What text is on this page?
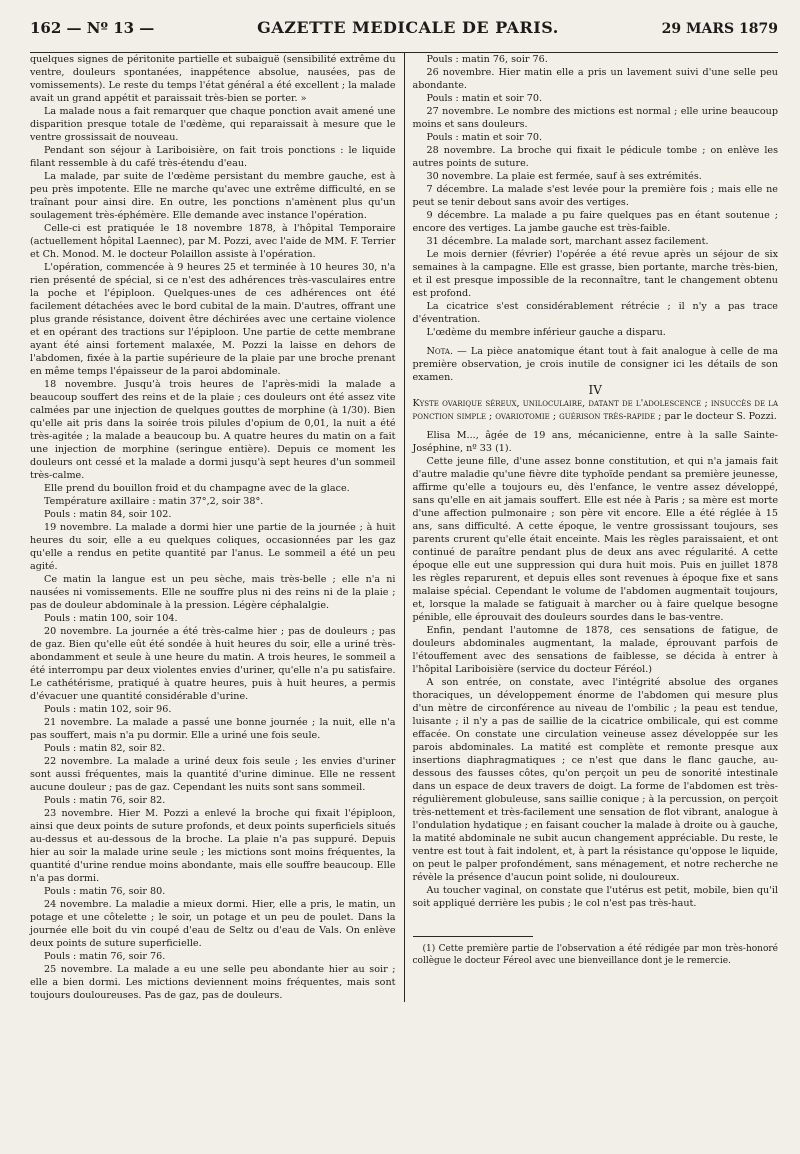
162 — Nº 13 —	GAZETTE MEDICALE DE PARIS.	29 MARS 1879

quelques signes de péritonite partielle et subaiguë (sensibilité extrême du ventre, douleurs spontanées, inappétence absolue, nausées, pas de vomissements). Le reste du temps l'état général a été excellent ; la malade avait un grand appétit et paraissait très-bien se porter. »

La malade nous a fait remarquer que chaque ponction avait amené une disparition presque totale de l'œdème, qui reparaissait à mesure que le ventre grossissait de nouveau.

Pendant son séjour à Lariboisière, on fait trois ponctions : le liquide filant ressemble à du café très-étendu d'eau.

La malade, par suite de l'œdème persistant du membre gauche, est à peu près impotente. Elle ne marche qu'avec une extrême difficulté, en se traînant pour ainsi dire. En outre, les ponctions n'amènent plus qu'un soulagement très-éphémère. Elle demande avec instance l'opération.

Celle-ci est pratiquée le 18 novembre 1878, à l'hôpital Temporaire (actuellement hôpital Laennec), par M. Pozzi, avec l'aide de MM. F. Terrier et Ch. Monod. M. le docteur Polaillon assiste à l'opération.

L'opération, commencée à 9 heures 25 et terminée à 10 heures 30, n'a rien présenté de spécial, si ce n'est des adhérences très-vasculaires entre la poche et l'épiploon. Quelques-unes de ces adhérences ont été facilement détachées avec le bord cubital de la main. D'autres, offrant une plus grande résistance, doivent être déchirées avec une certaine violence et en opérant des tractions sur l'épiploon. Une partie de cette membrane ayant été ainsi fortement malaxée, M. Pozzi la laisse en dehors de l'abdomen, fixée à la partie supérieure de la plaie par une broche prenant en même temps l'épaisseur de la paroi abdominale.

18 novembre. Jusqu'à trois heures de l'après-midi la malade a beaucoup souffert des reins et de la plaie ; ces douleurs ont été assez vite calmées par une injection de quelques gouttes de morphine (à 1/30). Bien qu'elle ait pris dans la soirée trois pilules d'opium de 0,01, la nuit a été très-agitée ; la malade a beaucoup bu. A quatre heures du matin on a fait une injection de morphine (seringue entière). Depuis ce moment les douleurs ont cessé et la malade a dormi jusqu'à sept heures d'un sommeil très-calme.

Elle prend du bouillon froid et du champagne avec de la glace.

Température axillaire : matin 37°,2, soir 38°.

Pouls : matin 84, soir 102.

19 novembre. La malade a dormi hier une partie de la journée ; à huit heures du soir, elle a eu quelques coliques, occasionnées par les gaz qu'elle a rendus en petite quantité par l'anus. Le sommeil a été un peu agité.

Ce matin la langue est un peu sèche, mais très-belle ; elle n'a ni nausées ni vomissements. Elle ne souffre plus ni des reins ni de la plaie ; pas de douleur abdominale à la pression. Légère céphalalgie.

Pouls : matin 100, soir 104.

20 novembre. La journée a été très-calme hier ; pas de douleurs ; pas de gaz. Bien qu'elle eût été sondée à huit heures du soir, elle a uriné très-abondamment et seule à une heure du matin. A trois heures, le sommeil a été interrompu par deux violentes envies d'uriner, qu'elle n'a pu satisfaire. Le cathétérisme, pratiqué à quatre heures, puis à huit heures, a permis d'évacuer une quantité considérable d'urine.

Pouls : matin 102, soir 96.

21 novembre. La malade a passé une bonne journée ; la nuit, elle n'a pas souffert, mais n'a pu dormir. Elle a uriné une fois seule.

Pouls : matin 82, soir 82.

22 novembre. La malade a uriné deux fois seule ; les envies d'uriner sont aussi fréquentes, mais la quantité d'urine diminue. Elle ne ressent aucune douleur ; pas de gaz. Cependant les nuits sont sans sommeil.

Pouls : matin 76, soir 82.

23 novembre. Hier M. Pozzi a enlevé la broche qui fixait l'épiploon, ainsi que deux points de suture profonds, et deux points superficiels situés au-dessus et au-dessous de la broche. La plaie n'a pas suppuré. Depuis hier au soir la malade urine seule ; les mictions sont moins fréquentes, la quantité d'urine rendue moins abondante, mais elle souffre beaucoup. Elle n'a pas dormi.

Pouls : matin 76, soir 80.

24 novembre. La maladie a mieux dormi. Hier, elle a pris, le matin, un potage et une côtelette ; le soir, un potage et un peu de poulet. Dans la journée elle boit du vin coupé d'eau de Seltz ou d'eau de Vals. On enlève deux points de suture superficielle.

Pouls : matin 76, soir 76.

25 novembre. La malade a eu une selle peu abondante hier au soir ; elle a bien dormi. Les mictions deviennent moins fréquentes, mais sont toujours douloureuses. Pas de gaz, pas de douleurs.

Pouls : matin 76, soir 76.

26 novembre. Hier matin elle a pris un lavement suivi d'une selle peu abondante.

Pouls : matin et soir 70.

27 novembre. Le nombre des mictions est normal ; elle urine beaucoup moins et sans douleurs.

Pouls : matin et soir 70.

28 novembre. La broche qui fixait le pédicule tombe ; on enlève les autres points de suture.

30 novembre. La plaie est fermée, sauf à ses extrémités.

7 décembre. La malade s'est levée pour la première fois ; mais elle ne peut se tenir debout sans avoir des vertiges.

9 décembre. La malade a pu faire quelques pas en étant soutenue ; encore des vertiges. La jambe gauche est très-faible.

31 décembre. La malade sort, marchant assez facilement.

Le mois dernier (février) l'opérée a été revue après un séjour de six semaines à la campagne. Elle est grasse, bien portante, marche très-bien, et il est presque impossible de la reconnaître, tant le changement obtenu est profond.

La cicatrice s'est considérablement rétrécie ; il n'y a pas trace d'éventration.

L'œdème du membre inférieur gauche a disparu.

Nota. — La pièce anatomique étant tout à fait analogue à celle de ma première observation, je crois inutile de consigner ici les détails de son examen.

IV

Kyste ovarique séreux, uniloculaire, datant de l'adolescence ; insuccès de la ponction simple ; ovariotomie ; guérison très-rapide ; par le docteur S. Pozzi.

Elisa M..., âgée de 19 ans, mécanicienne, entre à la salle Sainte-Joséphine, nº 33 (1).

Cette jeune fille, d'une assez bonne constitution, et qui n'a jamais fait d'autre maladie qu'une fièvre dite typhoïde pendant sa première jeunesse, affirme qu'elle a toujours eu, dès l'enfance, le ventre assez développé, sans qu'elle en ait jamais souffert. Elle est née à Paris ; sa mère est morte d'une affection pulmonaire ; son père vit encore. Elle a été réglée à 15 ans, sans difficulté. A cette époque, le ventre grossissant toujours, ses parents crurent qu'elle était enceinte. Mais les règles paraissaient, et ont continué de paraître pendant plus de deux ans avec régularité. A cette époque elle eut une suppression qui dura huit mois. Puis en juillet 1878 les règles reparurent, et depuis elles sont revenues à époque fixe et sans malaise spécial. Cependant le volume de l'abdomen augmentait toujours, et, lorsque la malade se fatiguait à marcher ou à faire quelque besogne pénible, elle éprouvait des douleurs sourdes dans le bas-ventre.

Enfin, pendant l'automne de 1878, ces sensations de fatigue, de douleurs abdominales augmentant, la malade, éprouvant parfois de l'étouffement avec des sensations de faiblesse, se décida à entrer à l'hôpital Lariboisière (service du docteur Féréol.)

A son entrée, on constate, avec l'intégrité absolue des organes thoraciques, un développement énorme de l'abdomen qui mesure plus d'un mètre de circonférence au niveau de l'ombilic ; la peau est tendue, luisante ; il n'y a pas de saillie de la cicatrice ombilicale, qui est comme effacée. On constate une circulation veineuse assez développée sur les parois abdominales. La matité est complète et remonte presque aux insertions diaphragmatiques ; ce n'est que dans le flanc gauche, au-dessous des fausses côtes, qu'on perçoit un peu de sonorité intestinale dans un espace de deux travers de doigt. La forme de l'abdomen est très-régulièrement globuleuse, sans saillie conique ; à la percussion, on perçoit très-nettement et très-facilement une sensation de flot vibrant, analogue à l'ondulation hydatique ; en faisant coucher la malade à droite ou à gauche, la matité abdominale ne subit aucun changement appréciable. Du reste, le ventre est tout à fait indolent, et, à part la résistance qu'oppose le liquide, on peut le palper profondément, sans ménagement, et notre recherche ne révèle la présence d'aucun point solide, ni douloureux.

Au toucher vaginal, on constate que l'utérus est petit, mobile, bien qu'il soit appliqué derrière les pubis ; le col n'est pas très-haut.

(1) Cette première partie de l'observation a été rédigée par mon très-honoré collègue le docteur Féreol avec une bienveillance dont je le remercie.
